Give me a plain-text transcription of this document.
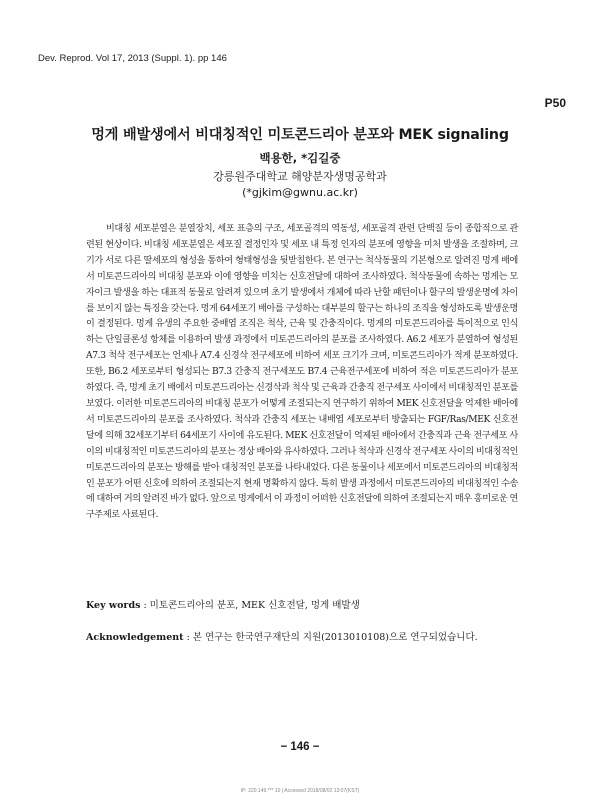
Dev. Reprod. Vol 17, 2013 (Suppl. 1). pp 146
P50
멍게 배발생에서 비대칭적인 미토콘드리아 분포와 MEK signaling
백용한, *김길중
강릉원주대학교 해양분자생명공학과
(*gjkim@gwnu.ac.kr)

비대칭 세포분열은 분열장치, 세포 표층의 구조, 세포골격의 역동성, 세포골격 관련 단백질 등이 종합적으로 관련된 현상이다. 비대칭 세포분열은 세포질 결정인자 및 세포 내 특정 인자의 분포에 영향을 미처 발생을 조절하며, 크기가 서로 다른 딸세포의 형성을 통하여 형태형성을 뒷받침한다. 본 연구는 척삭동물의 기본형으로 알려진 멍게 배에서 미토콘드리아의 비대칭 분포와 이에 영향을 미치는 신호전달에 대하여 조사하였다. 척삭동물에 속하는 멍게는 모자이크 발생을 하는 대표적 동물로 알려져 있으며 초기 발생에서 개체에 따라 난할 패턴이나 할구의 발생운명에 차이를 보이지 않는 특징을 갖는다. 멍게 64세포기 배아를 구성하는 대부분의 할구는 하나의 조직을 형성하도록 발생운명이 결정된다. 멍게 유생의 주요한 중배엽 조직은 척삭, 근육 및 간충직이다. 멍게의 미토콘드리아를 특이적으로 인식하는 단일클론성 항체를 이용하여 발생 과정에서 미토콘드리아의 분포를 조사하였다. A6.2 세포가 분열하여 형성된 A7.3 척삭 전구세포는 언제나 A7.4 신경삭 전구세포에 비하여 세포 크기가 크며, 미토콘드리아가 적게 분포하였다. 또한, B6.2 세포로부터 형성되는 B7.3 간충직 전구세포도 B7.4 근육전구세포에 비하여 적은 미토콘드리아가 분포하였다. 즉, 멍게 초기 배에서 미토콘드리아는 신경삭과 척삭 및 근육과 간충직 전구세포 사이에서 비대칭적인 분포를 보였다. 이러한 미토콘드리아의 비대칭 분포가 어떻게 조절되는지 연구하기 위하여 MEK 신호전달을 억제한 배아에서 미토콘드리아의 분포를 조사하였다. 척삭과 간충직 세포는 내배엽 세포로부터 방출되는 FGF/Ras/MEK 신호전달에 의해 32세포기부터 64세포기 사이에 유도된다. MEK 신호전달이 억제된 배아에서 간충직과 근육 전구세포 사이의 비대칭적인 미토콘드리아의 분포는 정상 배아와 유사하였다. 그러나 척삭과 신경삭 전구세포 사이의 비대칭적인 미토콘드리아의 분포는 방해를 받아 대칭적인 분포를 나타내었다. 다른 동물이나 세포에서 미토콘드리아의 비대칭적인 분포가 어떤 신호에 의하여 조절되는지 현재 명확하지 않다. 특히 발생 과정에서 미토콘드리아의 비대칭적인 수송에 대하여 거의 알려진 바가 없다. 앞으로 멍게에서 이 과정이 어떠한 신호전달에 의하여 조절되는지 매우 흥미로운 연구주제로 사료된다.

Key words : 미토콘드리아의 분포, MEK 신호전달, 멍게 배발생
Acknowledgement : 본 연구는 한국연구재단의 지원(2013010108)으로 연구되었습니다.
− 146 −
IP: 220.149.*** 10 | Accessed 2018/08/02 13:07(KST)
